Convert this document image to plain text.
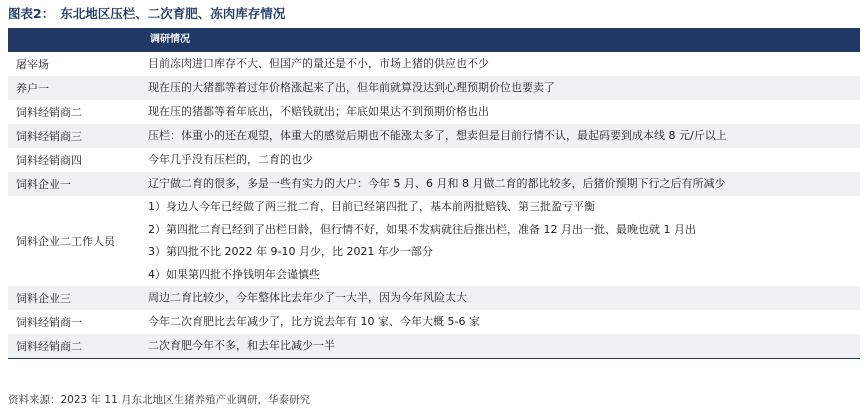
图表2： 东北地区压栏、二次育肥、冻肉库存情况
调研情况
屠宰场	目前冻肉进口库存不大、但国产的量还是不小，市场上猪的供应也不少
养户一	现在压的大猪都等着过年价格涨起来了出，但年前就算没达到心理预期价位也要卖了
饲料经销商二	现在压的猪都等着年底出，不赔钱就出；年底如果达不到预期价格也出
饲料经销商三	压栏：体重小的还在观望，体重大的感觉后期也不能涨太多了，想卖但是目前行情不认，最起码要到成本线 8 元/斤以上
饲料经销商四	今年几乎没有压栏的，二育的也少
饲料企业一	辽宁做二育的很多，多是一些有实力的大户：今年 5 月、6 月和 8 月做二育的都比较多，后猪价预期下行之后有所减少
饲料企业二工作人员
1）身边人今年已经做了两三批二育，目前已经第四批了，基本前两批赔钱、第三批盈亏平衡
2）第四批二育已经到了出栏日龄，但行情不好，如果不发病就往后推出栏，准备 12 月出一批、最晚也就 1 月出
3）第四批不比 2022 年 9-10 月少，比 2021 年少一部分
4）如果第四批不挣钱明年会谨慎些
饲料企业三	周边二育比较少，今年整体比去年少了一大半，因为今年风险太大
饲料经销商一	今年二次育肥比去年减少了，比方说去年有 10 家、今年大概 5-6 家
饲料经销商二	二次育肥今年不多，和去年比减少一半
资料来源：2023 年 11 月东北地区生猪养殖产业调研，华泰研究
